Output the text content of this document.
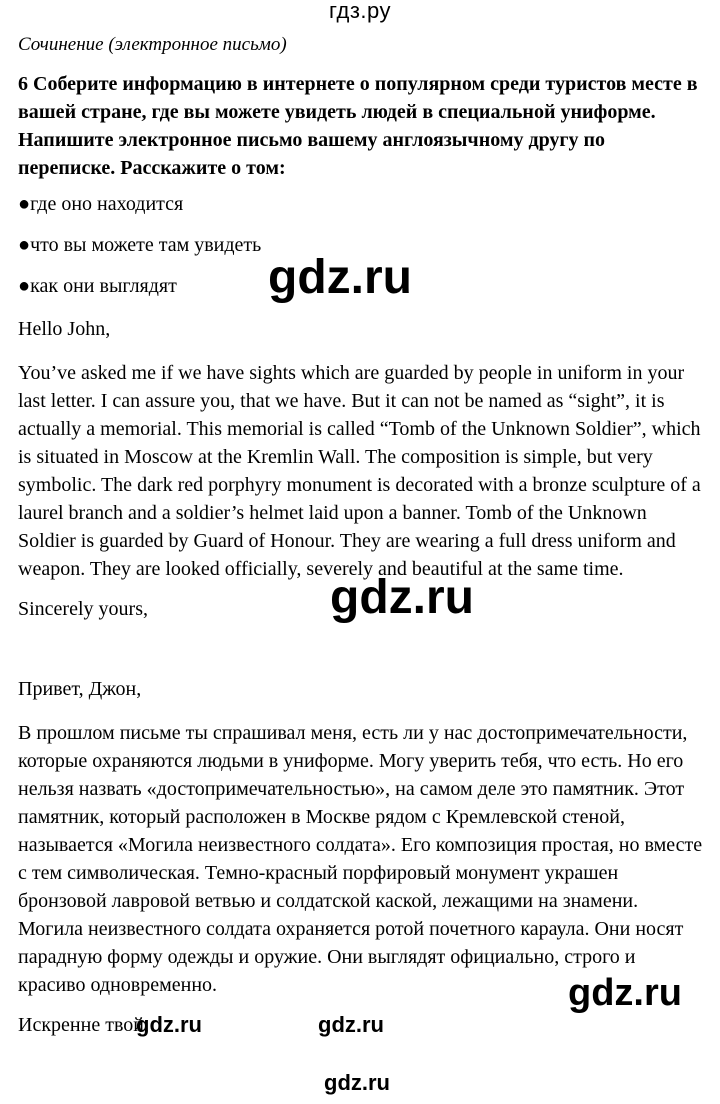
гдз.ру
Сочинение (электронное письмо)
6 Соберите информацию в интернете о популярном среди туристов месте в вашей стране, где вы можете увидеть людей в специальной униформе. Напишите электронное письмо вашему англоязычному другу по переписке. Расскажите о том:
●где оно находится
●что вы можете там увидеть
●как они выглядят
Hello John,
You’ve asked me if we have sights which are guarded by people in uniform in your last letter. I can assure you, that we have. But it can not be named as “sight”, it is actually a memorial. This memorial is called “Tomb of the Unknown Soldier”, which is situated in Moscow at the Kremlin Wall. The composition is simple, but very symbolic. The dark red porphyry monument is decorated with a bronze sculpture of a laurel branch and a soldier’s helmet laid upon a banner. Tomb of the Unknown Soldier is guarded by Guard of Honour. They are wearing a full dress uniform and weapon. They are looked officially, severely and beautiful at the same time.
Sincerely yours,
Привет, Джон,
В прошлом письме ты спрашивал меня, есть ли у нас достопримечательности, которые охраняются людьми в униформе. Могу уверить тебя, что есть. Но его нельзя назвать «достопримечательностью», на самом деле это памятник. Этот памятник, который расположен в Москве рядом с Кремлевской стеной, называется «Могила неизвестного солдата». Его композиция простая, но вместе с тем символическая. Темно-красный порфировый монумент украшен бронзовой лавровой ветвью и солдатской каской, лежащими на знамени. Могила неизвестного солдата охраняется ротой почетного караула. Они носят парадную форму одежды и оружие. Они выглядят официально, строго и красиво одновременно.
Искренне твой,
gdz.ru
gdz.ru
gdz.ru
gdz.ru	gdz.ru
gdz.ru
